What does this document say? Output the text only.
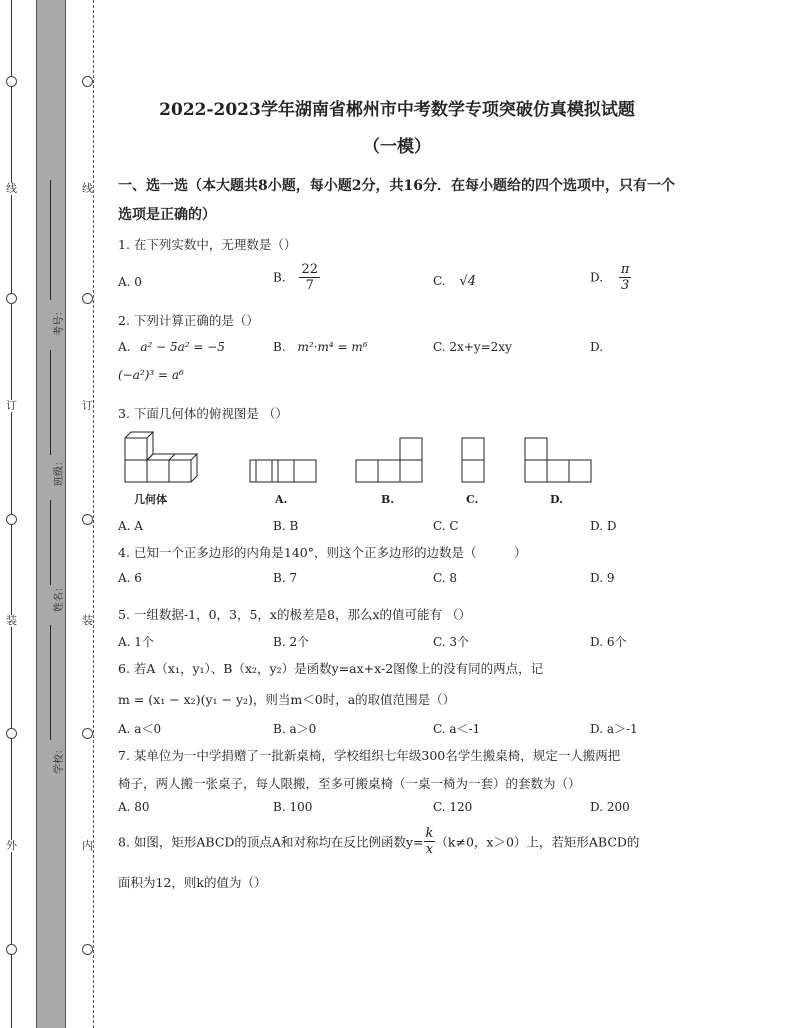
线
订
装
外
线
订
装
内
考号：
班级：
姓名：
学校：
2022-2023学年湖南省郴州市中考数学专项突破仿真模拟试题
（一模）
一、选一选（本大题共8小题，每小题2分，共16分．在每小题给的四个选项中，只有一个选项是正确的）
1. 在下列实数中，无理数是（）
A. 0	B. $\frac{22}{7}$	C. √4	D. $\frac{\pi}{3}$
2. 下列计算正确的是（）
A. a² − 5a² = −5	B. m²·m⁴ = m⁶	C. 2x+y=2xy	D.
(−a²)³ = a⁶
3. 下面几何体的俯视图是 （）
几何体	A.	B.	C.	D.
A. A	B. B	C. C	D. D
4. 已知一个正多边形的内角是140°，则这个正多边形的边数是（　　　）
A. 6	B. 7	C. 8	D. 9
5. 一组数据-1，0，3，5，x的极差是8，那么x的值可能有 （）
A. 1个	B. 2个	C. 3个	D. 6个
6. 若A（x₁，y₁）、B（x₂，y₂）是函数y=ax+x-2图像上的没有同的两点，记
m = (x₁ − x₂)(y₁ − y₂)，则当m＜0时，a的取值范围是（）
A. a＜0	B. a＞0	C. a＜-1	D. a＞-1
7. 某单位为一中学捐赠了一批新桌椅，学校组织七年级300名学生搬桌椅，规定一人搬两把
椅子，两人搬一张桌子，每人限搬，至多可搬桌椅（一桌一椅为一套）的套数为（）
A. 80	B. 100	C. 120	D. 200
8. 如图，矩形ABCD的顶点A和对称均在反比例函数$y= \frac{k}{x} (k\ne 0$，x＞0）上，若矩形ABCD的
面积为12，则k的值为（）
